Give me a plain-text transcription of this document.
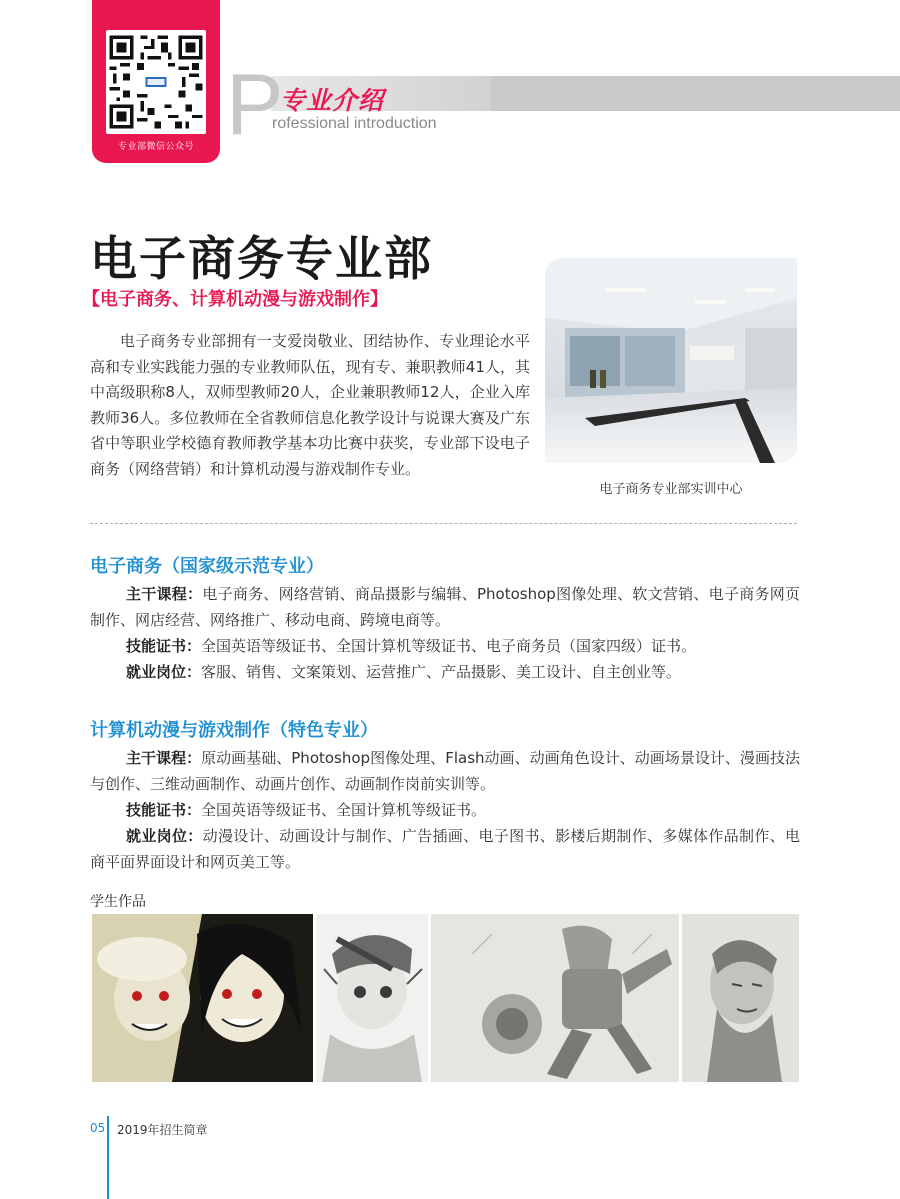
专业部微信公众号 P
专业介绍
rofessional introduction
电子商务专业部
【电子商务、计算机动漫与游戏制作】

电子商务专业部拥有一支爱岗敬业、团结协作、专业理论水平高和专业实践能力强的专业教师队伍，现有专、兼职教师41人，其中高级职称8人，双师型教师20人，企业兼职教师12人，企业入库教师36人。多位教师在全省教师信息化教学设计与说课大赛及广东省中等职业学校德育教师教学基本功比赛中获奖，专业部下设电子商务（网络营销）和计算机动漫与游戏制作专业。

电子商务专业部实训中心
电子商务（国家级示范专业）

主干课程：电子商务、网络营销、商品摄影与编辑、Photoshop图像处理、软文营销、电子商务网页制作、网店经营、网络推广、移动电商、跨境电商等。

技能证书：全国英语等级证书、全国计算机等级证书、电子商务员（国家四级）证书。

就业岗位：客服、销售、文案策划、运营推广、产品摄影、美工设计、自主创业等。

计算机动漫与游戏制作（特色专业）

主干课程：原动画基础、Photoshop图像处理、Flash动画、动画角色设计、动画场景设计、漫画技法与创作、三维动画制作、动画片创作、动画制作岗前实训等。

技能证书：全国英语等级证书、全国计算机等级证书。

就业岗位：动漫设计、动画设计与制作、广告插画、电子图书、影楼后期制作、多媒体作品制作、电商平面界面设计和网页美工等。

学生作品
05 2019年招生简章
